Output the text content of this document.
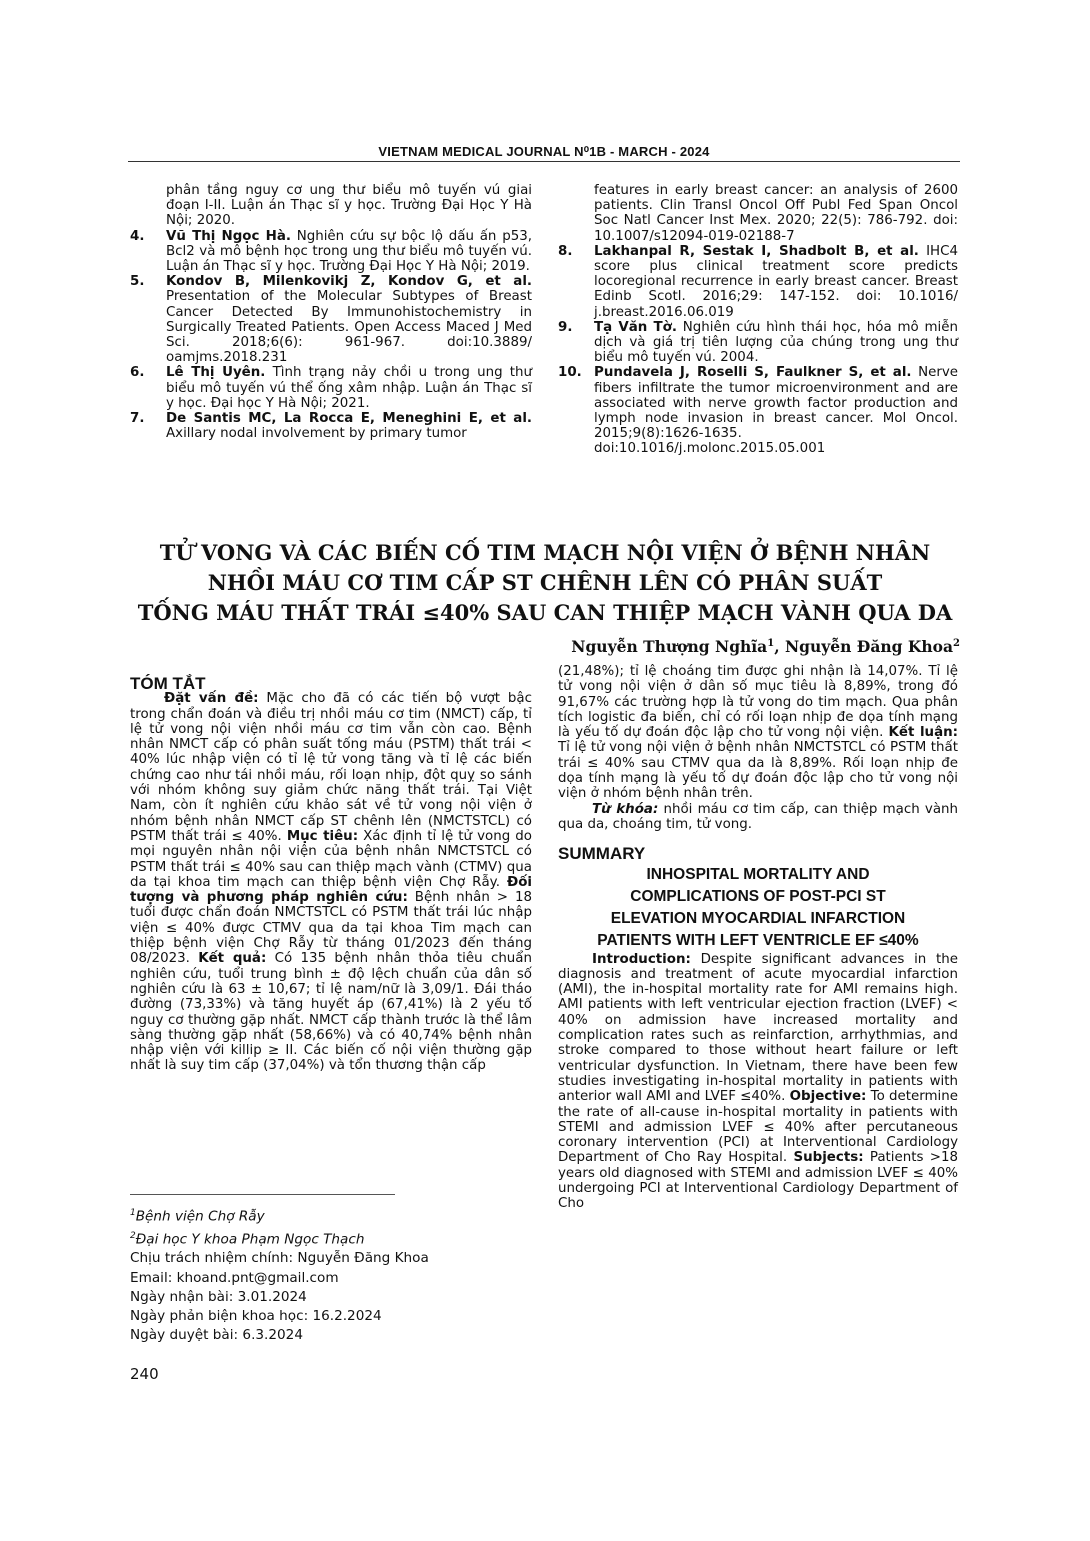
VIETNAM MEDICAL JOURNAL N⁰1B - MARCH - 2024
phân tầng nguy cơ ung thư biểu mô tuyến vú giai đoạn I-II. Luận án Thạc sĩ y học. Trường Đại Học Y Hà Nội; 2020.
4.	Vũ Thị Ngọc Hà. Nghiên cứu sự bộc lộ dấu ấn p53, Bcl2 và mô bệnh học trong ung thư biểu mô tuyến vú. Luận án Thạc sĩ y học. Trường Đại Học Y Hà Nội; 2019.
5.	Kondov B, Milenkovikj Z, Kondov G, et al. Presentation of the Molecular Subtypes of Breast Cancer Detected By Immunohistochemistry in Surgically Treated Patients. Open Access Maced J Med Sci. 2018;6(6): 961-967. doi:10.3889/ oamjms.2018.231
6.	Lê Thị Uyên. Tình trạng nảy chồi u trong ung thư biểu mô tuyến vú thể ống xâm nhập. Luận án Thạc sĩ y học. Đại học Y Hà Nội; 2021.
7.	De Santis MC, La Rocca E, Meneghini E, et al. Axillary nodal involvement by primary tumor
features in early breast cancer: an analysis of 2600 patients. Clin Transl Oncol Off Publ Fed Span Oncol Soc Natl Cancer Inst Mex. 2020; 22(5): 786-792. doi: 10.1007/s12094-019-02188-7
8.	Lakhanpal R, Sestak I, Shadbolt B, et al. IHC4 score plus clinical treatment score predicts locoregional recurrence in early breast cancer. Breast Edinb Scotl. 2016;29: 147-152. doi: 10.1016/ j.breast.2016.06.019
9.	Tạ Văn Tờ. Nghiên cứu hình thái học, hóa mô miễn dịch và giá trị tiên lượng của chúng trong ung thư biểu mô tuyến vú. 2004.
10. Pundavela J, Roselli S, Faulkner S, et al. Nerve fibers infiltrate the tumor microenvironment and are associated with nerve growth factor production and lymph node invasion in breast cancer. Mol Oncol. 2015;9(8):1626-1635. doi:10.1016/j.molonc.2015.05.001
TỬ VONG VÀ CÁC BIẾN CỐ TIM MẠCH NỘI VIỆN Ở BỆNH NHÂN
NHỒI MÁU CƠ TIM CẤP ST CHÊNH LÊN CÓ PHÂN SUẤT
TỐNG MÁU THẤT TRÁI ≤40% SAU CAN THIỆP MẠCH VÀNH QUA DA
Nguyễn Thượng Nghĩa$^1$, Nguyễn Đăng Khoa$^2$
TÓM TẮT

Đặt vấn đề: Mặc cho đã có các tiến bộ vượt bậc trong chẩn đoán và điều trị nhồi máu cơ tim (NMCT) cấp, tỉ lệ tử vong nội viện nhồi máu cơ tim vẫn còn cao. Bệnh nhân NMCT cấp có phân suất tống máu (PSTM) thất trái < 40% lúc nhập viện có tỉ lệ tử vong tăng và tỉ lệ các biến chứng cao như tái nhồi máu, rối loạn nhịp, đột quỵ so sánh với nhóm không suy giảm chức năng thất trái. Tại Việt Nam, còn ít nghiên cứu khảo sát về tử vong nội viện ở nhóm bệnh nhân NMCT cấp ST chênh lên (NMCTSTCL) có PSTM thất trái ≤ 40%. Mục tiêu: Xác định tỉ lệ tử vong do mọi nguyên nhân nội viện của bệnh nhân NMCTSTCL có PSTM thất trái ≤ 40% sau can thiệp mạch vành (CTMV) qua da tại khoa tim mạch can thiệp bệnh viện Chợ Rẫy. Đối tượng và phương pháp nghiên cứu: Bệnh nhân > 18 tuổi được chẩn đoán NMCTSTCL có PSTM thất trái lúc nhập viện ≤ 40% được CTMV qua da tại khoa Tim mạch can thiệp bệnh viện Chợ Rẫy từ tháng 01/2023 đến tháng 08/2023. Kết quả: Có 135 bệnh nhân thỏa tiêu chuẩn nghiên cứu, tuổi trung bình ± độ lệch chuẩn của dân số nghiên cứu là 63 ± 10,67; tỉ lệ nam/nữ là 3,09/1. Đái tháo đường (73,33%) và tăng huyết áp (67,41%) là 2 yếu tố nguy cơ thường gặp nhất. NMCT cấp thành trước là thể lâm sàng thường gặp nhất (58,66%) và có 40,74% bệnh nhân nhập viện với killip ≥ II. Các biến cố nội viện thường gặp nhất là suy tim cấp (37,04%) và tổn thương thận cấp

(21,48%); tỉ lệ choáng tim được ghi nhận là 14,07%. Tỉ lệ tử vong nội viện ở dân số mục tiêu là 8,89%, trong đó 91,67% các trường hợp là tử vong do tim mạch. Qua phân tích logistic đa biến, chỉ có rối loạn nhịp đe dọa tính mạng là yếu tố dự đoán độc lập cho tử vong nội viện. Kết luận: Tỉ lệ tử vong nội viện ở bệnh nhân NMCTSTCL có PSTM thất trái ≤ 40% sau CTMV qua da là 8,89%. Rối loạn nhịp đe dọa tính mạng là yếu tố dự đoán độc lập cho tử vong nội viện ở nhóm bệnh nhân trên.

Từ khóa: nhồi máu cơ tim cấp, can thiệp mạch vành qua da, choáng tim, tử vong.

SUMMARY
INHOSPITAL MORTALITY AND
COMPLICATIONS OF POST-PCI ST
ELEVATION MYOCARDIAL INFARCTION
PATIENTS WITH LEFT VENTRICLE EF ≤40%

Introduction: Despite significant advances in the diagnosis and treatment of acute myocardial infarction (AMI), the in-hospital mortality rate for AMI remains high. AMI patients with left ventricular ejection fraction (LVEF) < 40% on admission have increased mortality and complication rates such as reinfarction, arrhythmias, and stroke compared to those without heart failure or left ventricular dysfunction. In Vietnam, there have been few studies investigating in-hospital mortality in patients with anterior wall AMI and LVEF ≤40%. Objective: To determine the rate of all-cause in-hospital mortality in patients with STEMI and admission LVEF ≤ 40% after percutaneous coronary intervention (PCI) at Interventional Cardiology Department of Cho Ray Hospital. Subjects: Patients >18 years old diagnosed with STEMI and admission LVEF ≤ 40% undergoing PCI at Interventional Cardiology Department of Cho

$^1$Bệnh viện Chợ Rẫy
$^2$Đại học Y khoa Phạm Ngọc Thạch
Chịu trách nhiệm chính: Nguyễn Đăng Khoa
Email: khoand.pnt@gmail.com
Ngày nhận bài: 3.01.2024
Ngày phản biện khoa học: 16.2.2024
Ngày duyệt bài: 6.3.2024
240
